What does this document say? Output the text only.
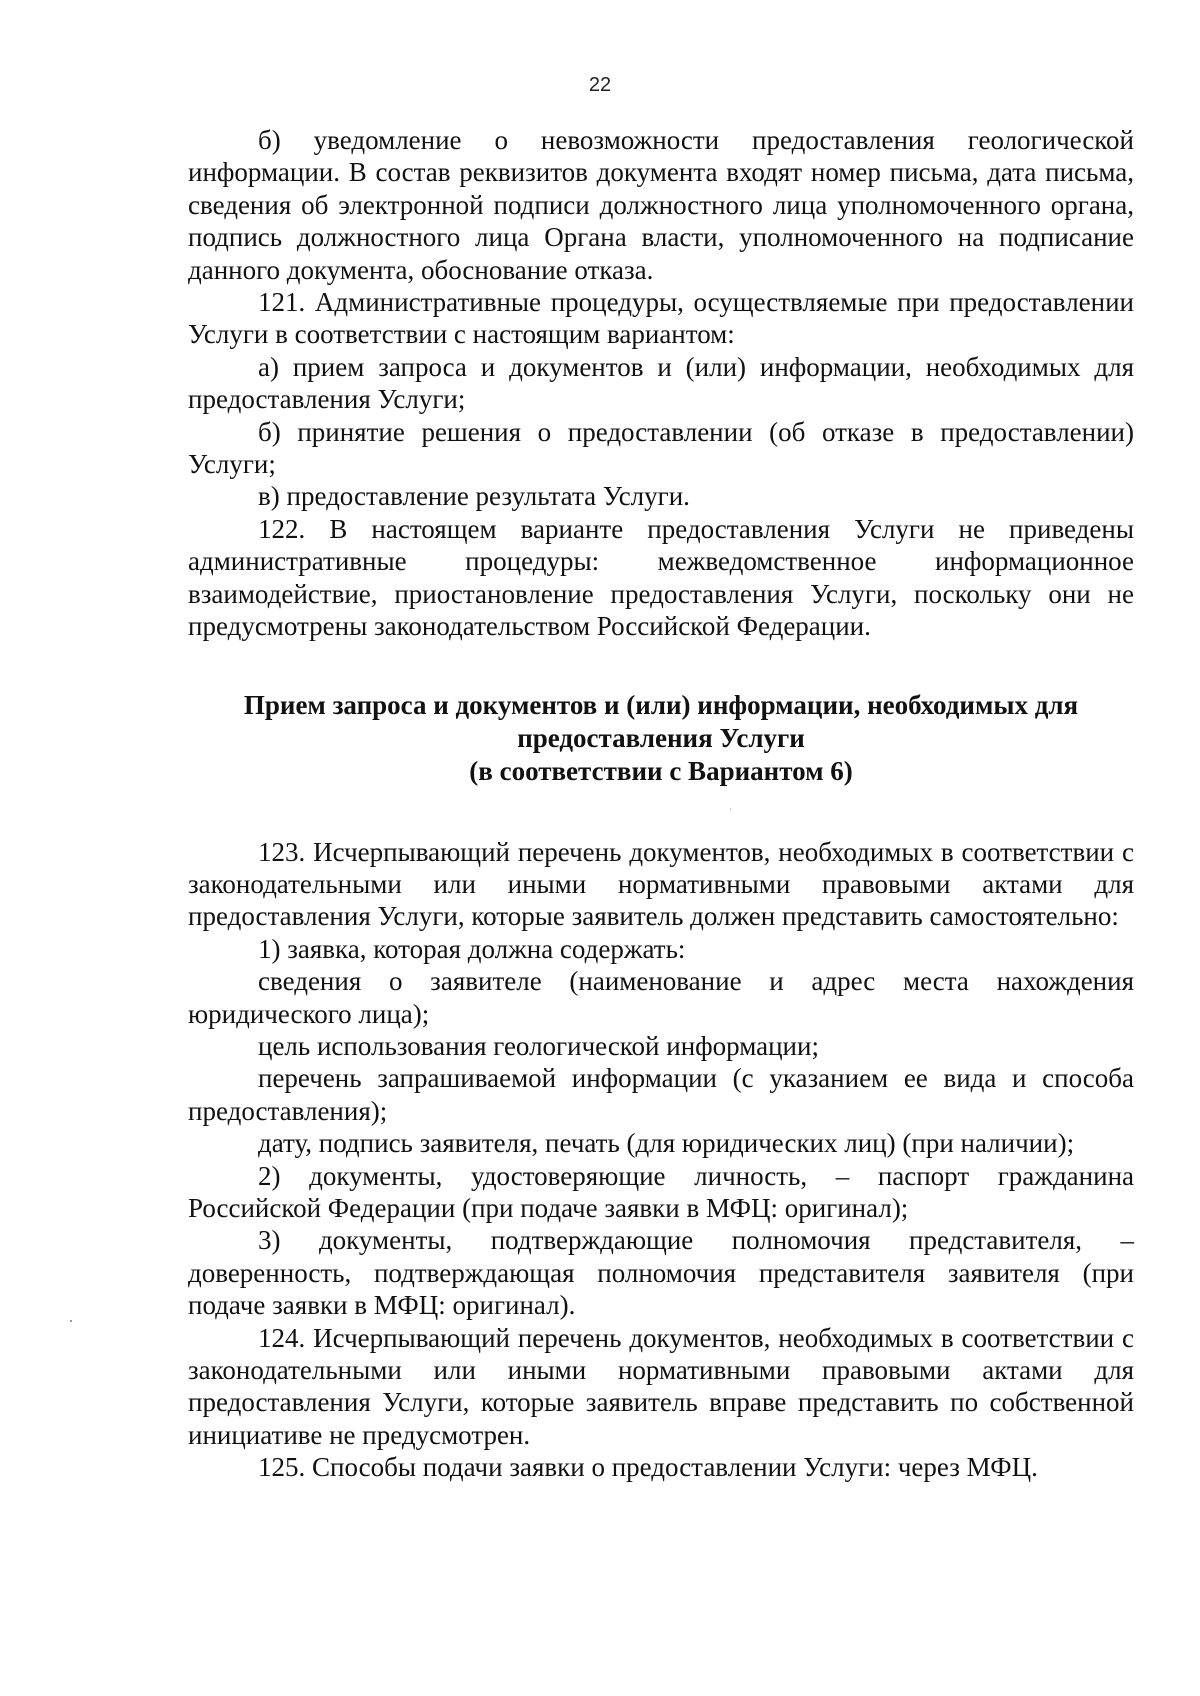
22

б) уведомление о невозможности предоставления геологической информации. В состав реквизитов документа входят номер письма, дата письма, сведения об электронной подписи должностного лица уполномоченного органа, подпись должностного лица Органа власти, уполномоченного на подписание данного документа, обоснование отказа.

121. Административные процедуры, осуществляемые при предоставлении Услуги в соответствии с настоящим вариантом:

а) прием запроса и документов и (или) информации, необходимых для предоставления Услуги;

б) принятие решения о предоставлении (об отказе в предоставлении) Услуги;

в) предоставление результата Услуги.

122. В настоящем варианте предоставления Услуги не приведены административные процедуры: межведомственное информационное взаимодействие, приостановление предоставления Услуги, поскольку они не предусмотрены законодательством Российской Федерации.

Прием запроса и документов и (или) информации, необходимых для
предоставления Услуги
(в соответствии с Вариантом 6)

123. Исчерпывающий перечень документов, необходимых в соответствии с законодательными или иными нормативными правовыми актами для предоставления Услуги, которые заявитель должен представить самостоятельно:

1) заявка, которая должна содержать:

сведения о заявителе (наименование и адрес места нахождения юридического лица);

цель использования геологической информации;

перечень запрашиваемой информации (с указанием ее вида и способа предоставления);

дату, подпись заявителя, печать (для юридических лиц) (при наличии);

2) документы, удостоверяющие личность, – паспорт гражданина Российской Федерации (при подаче заявки в МФЦ: оригинал);

3) документы, подтверждающие полномочия представителя, – доверенность, подтверждающая полномочия представителя заявителя (при подаче заявки в МФЦ: оригинал).

124. Исчерпывающий перечень документов, необходимых в соответствии с законодательными или иными нормативными правовыми актами для предоставления Услуги, которые заявитель вправе представить по собственной инициативе не предусмотрен.

125. Способы подачи заявки о предоставлении Услуги: через МФЦ.
